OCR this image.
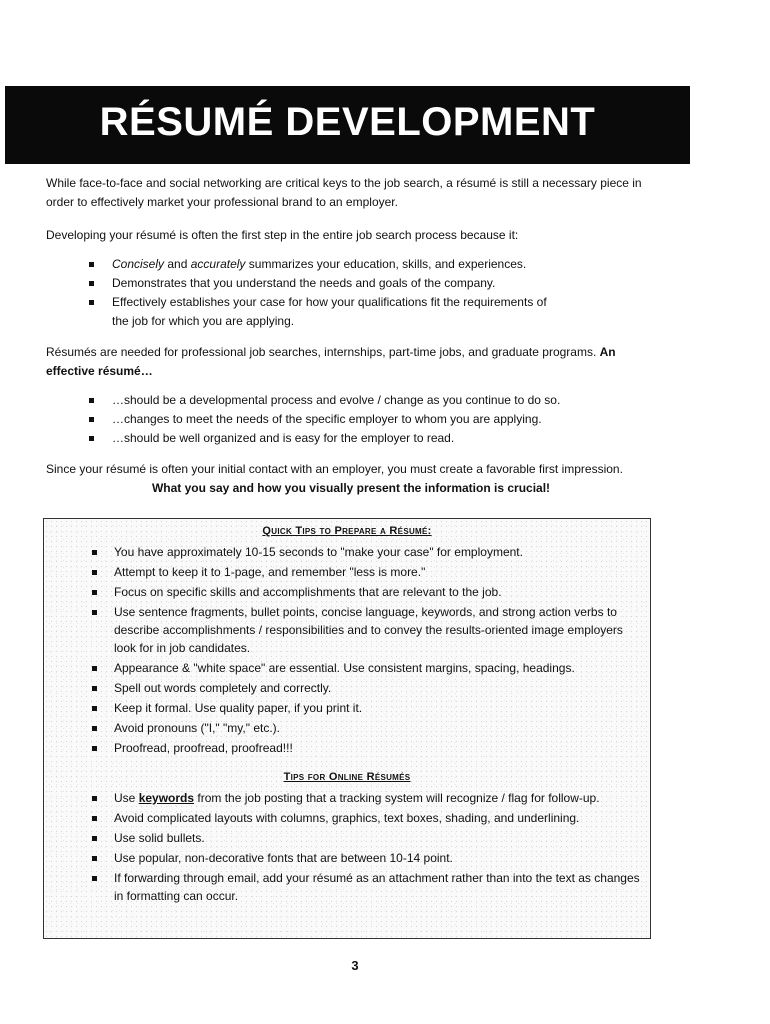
RÉSUMÉ DEVELOPMENT

While face-to-face and social networking are critical keys to the job search, a résumé is still a necessary piece in order to effectively market your professional brand to an employer.

Developing your résumé is often the first step in the entire job search process because it:

Concisely and accurately summarizes your education, skills, and experiences.
Demonstrates that you understand the needs and goals of the company.
Effectively establishes your case for how your qualifications fit the requirements of the job for which you are applying.

Résumés are needed for professional job searches, internships, part-time jobs, and graduate programs. An effective résumé…

…should be a developmental process and evolve / change as you continue to do so.
…changes to meet the needs of the specific employer to whom you are applying.
…should be well organized and is easy for the employer to read.

Since your résumé is often your initial contact with an employer, you must create a favorable first impression.

What you say and how you visually present the information is crucial!

Quick Tips to Prepare a Résumé:
You have approximately 10-15 seconds to "make your case" for employment.
Attempt to keep it to 1-page, and remember "less is more."
Focus on specific skills and accomplishments that are relevant to the job.
Use sentence fragments, bullet points, concise language, keywords, and strong action verbs to describe accomplishments / responsibilities and to convey the results-oriented image employers look for in job candidates.
Appearance & "white space" are essential. Use consistent margins, spacing, headings.
Spell out words completely and correctly.
Keep it formal. Use quality paper, if you print it.
Avoid pronouns ("I," "my," etc.).
Proofread, proofread, proofread!!!
Tips for Online Résumés
Use keywords from the job posting that a tracking system will recognize / flag for follow-up.
Avoid complicated layouts with columns, graphics, text boxes, shading, and underlining.
Use solid bullets.
Use popular, non-decorative fonts that are between 10-14 point.
If forwarding through email, add your résumé as an attachment rather than into the text as changes in formatting can occur.
3
